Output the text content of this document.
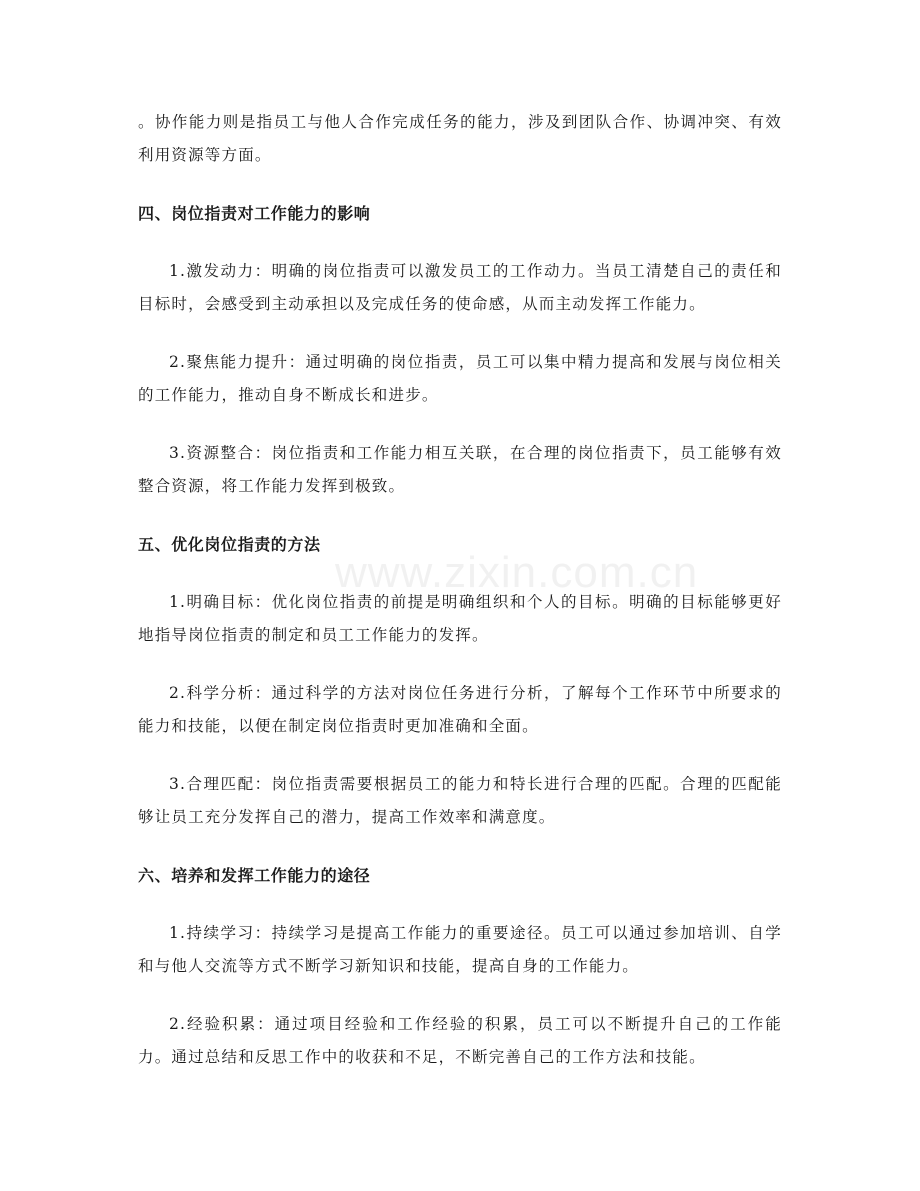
。协作能力则是指员工与他人合作完成任务的能力，涉及到团队合作、协调冲突、有效利用资源等方面。

四、岗位指责对工作能力的影响

1.激发动力：明确的岗位指责可以激发员工的工作动力。当员工清楚自己的责任和目标时，会感受到主动承担以及完成任务的使命感，从而主动发挥工作能力。

2.聚焦能力提升：通过明确的岗位指责，员工可以集中精力提高和发展与岗位相关的工作能力，推动自身不断成长和进步。

3.资源整合：岗位指责和工作能力相互关联，在合理的岗位指责下，员工能够有效整合资源，将工作能力发挥到极致。

五、优化岗位指责的方法

1.明确目标：优化岗位指责的前提是明确组织和个人的目标。明确的目标能够更好地指导岗位指责的制定和员工工作能力的发挥。

2.科学分析：通过科学的方法对岗位任务进行分析，了解每个工作环节中所要求的能力和技能，以便在制定岗位指责时更加准确和全面。

3.合理匹配：岗位指责需要根据员工的能力和特长进行合理的匹配。合理的匹配能够让员工充分发挥自己的潜力，提高工作效率和满意度。

六、培养和发挥工作能力的途径

1.持续学习：持续学习是提高工作能力的重要途径。员工可以通过参加培训、自学和与他人交流等方式不断学习新知识和技能，提高自身的工作能力。

2.经验积累：通过项目经验和工作经验的积累，员工可以不断提升自己的工作能力。通过总结和反思工作中的收获和不足，不断完善自己的工作方法和技能。

www.zixin.com.cn
